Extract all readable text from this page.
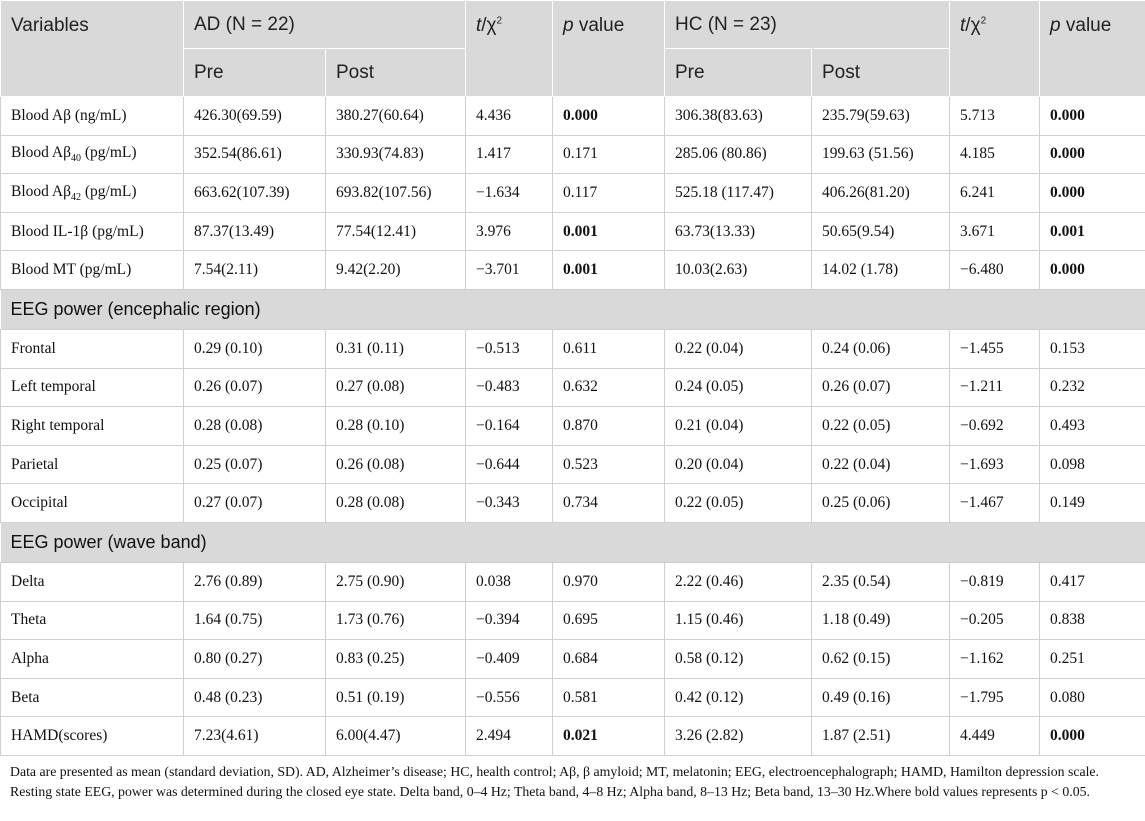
Variables	AD (N = 22)		$t/\chi^2$	p value	HC (N = 23)		$t/\chi^2$	p value
	Pre	Post			Pre	Post		
Blood Aβ (ng/mL)	426.30(69.59)	380.27(60.64)	4.436	0.000	306.38(83.63)	235.79(59.63)	5.713	0.000
Blood $A\beta_{40}$ (pg/mL)	352.54(86.61)	330.93(74.83)	1.417	0.171	285.06 (80.86)	199.63 (51.56)	4.185	0.000
Blood $A\beta_{42}$ (pg/mL)	663.62(107.39)	693.82(107.56)	−1.634	0.117	525.18 (117.47)	406.26(81.20)	6.241	0.000
Blood IL-1β (pg/mL)	87.37(13.49)	77.54(12.41)	3.976	0.001	63.73(13.33)	50.65(9.54)	3.671	0.001
Blood MT (pg/mL)	7.54(2.11)	9.42(2.20)	−3.701	0.001	10.03(2.63)	14.02 (1.78)	−6.480	0.000
EEG power (encephalic region)								
Frontal	0.29 (0.10)	0.31 (0.11)	−0.513	0.611	0.22 (0.04)	0.24 (0.06)	−1.455	0.153
Left temporal	0.26 (0.07)	0.27 (0.08)	−0.483	0.632	0.24 (0.05)	0.26 (0.07)	−1.211	0.232
Right temporal	0.28 (0.08)	0.28 (0.10)	−0.164	0.870	0.21 (0.04)	0.22 (0.05)	−0.692	0.493
Parietal	0.25 (0.07)	0.26 (0.08)	−0.644	0.523	0.20 (0.04)	0.22 (0.04)	−1.693	0.098
Occipital	0.27 (0.07)	0.28 (0.08)	−0.343	0.734	0.22 (0.05)	0.25 (0.06)	−1.467	0.149
EEG power (wave band)								
Delta	2.76 (0.89)	2.75 (0.90)	0.038	0.970	2.22 (0.46)	2.35 (0.54)	−0.819	0.417
Theta	1.64 (0.75)	1.73 (0.76)	−0.394	0.695	1.15 (0.46)	1.18 (0.49)	−0.205	0.838
Alpha	0.80 (0.27)	0.83 (0.25)	−0.409	0.684	0.58 (0.12)	0.62 (0.15)	−1.162	0.251
Beta	0.48 (0.23)	0.51 (0.19)	−0.556	0.581	0.42 (0.12)	0.49 (0.16)	−1.795	0.080
HAMD(scores)	7.23(4.61)	6.00(4.47)	2.494	0.021	3.26 (2.82)	1.87 (2.51)	4.449	0.000
Data are presented as mean (standard deviation, SD). AD, Alzheimer’s disease; HC, health control; Aβ, β amyloid; MT, melatonin; EEG, electroencephalograph; HAMD, Hamilton depression scale. Resting state EEG, power was determined during the closed eye state. Delta band, 0–4 Hz; Theta band, 4–8 Hz; Alpha band, 8–13 Hz; Beta band, 13–30 Hz.Where bold values represents p < 0.05.
